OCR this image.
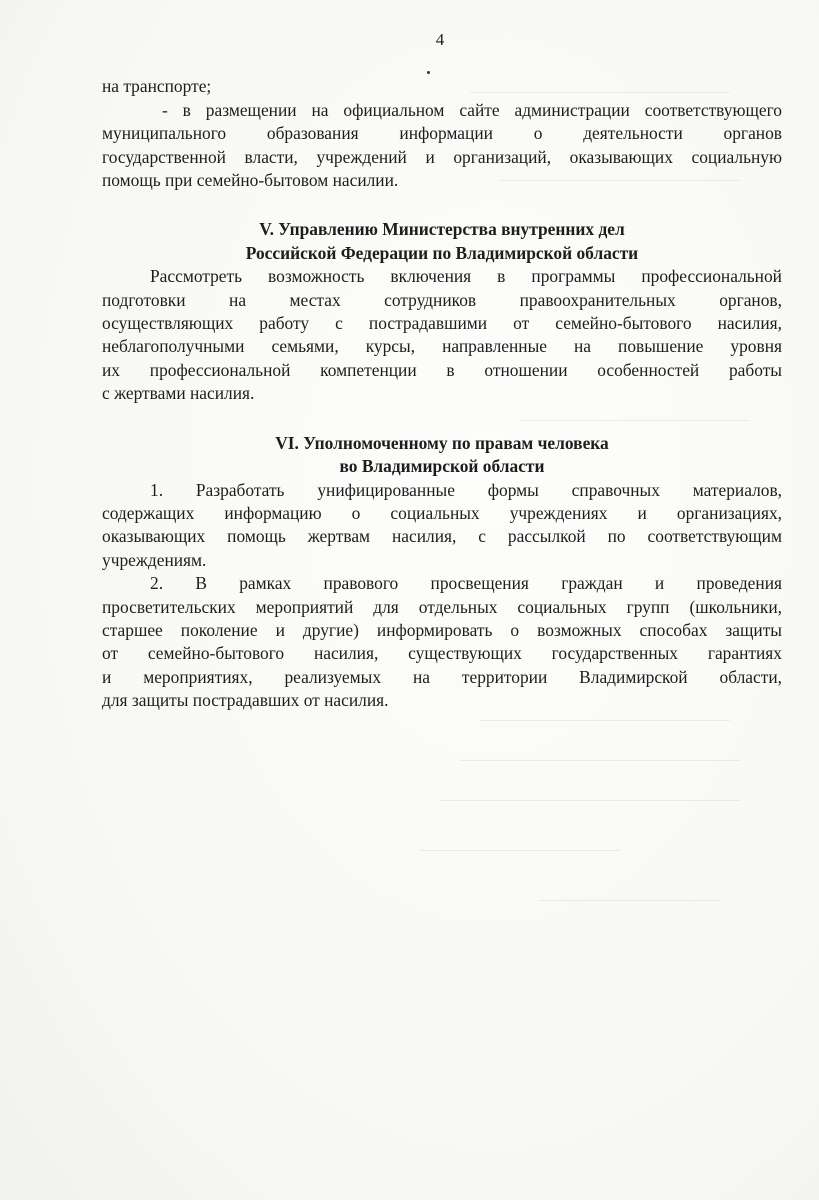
4

на транспорте;

- в размещении на официальном сайте администрации соответствующего

муниципального образования информации о деятельности органов

государственной власти, учреждений и организаций, оказывающих социальную

помощь при семейно-бытовом насилии.

V. Управлению Министерства внутренних дел
Российской Федерации по Владимирской области

Рассмотреть возможность включения в программы профессиональной

подготовки на местах сотрудников правоохранительных органов,

осуществляющих работу с пострадавшими от семейно-бытового насилия,

неблагополучными семьями, курсы, направленные на повышение уровня

их профессиональной компетенции в отношении особенностей работы

с жертвами насилия.

VI. Уполномоченному по правам человека
во Владимирской области

1. Разработать унифицированные формы справочных материалов,

содержащих информацию о социальных учреждениях и организациях,

оказывающих помощь жертвам насилия, с рассылкой по соответствующим

учреждениям.

2. В рамках правового просвещения граждан и проведения

просветительских мероприятий для отдельных социальных групп (школьники,

старшее поколение и другие) информировать о возможных способах защиты

от семейно-бытового насилия, существующих государственных гарантиях

и мероприятиях, реализуемых на территории Владимирской области,

для защиты пострадавших от насилия.
